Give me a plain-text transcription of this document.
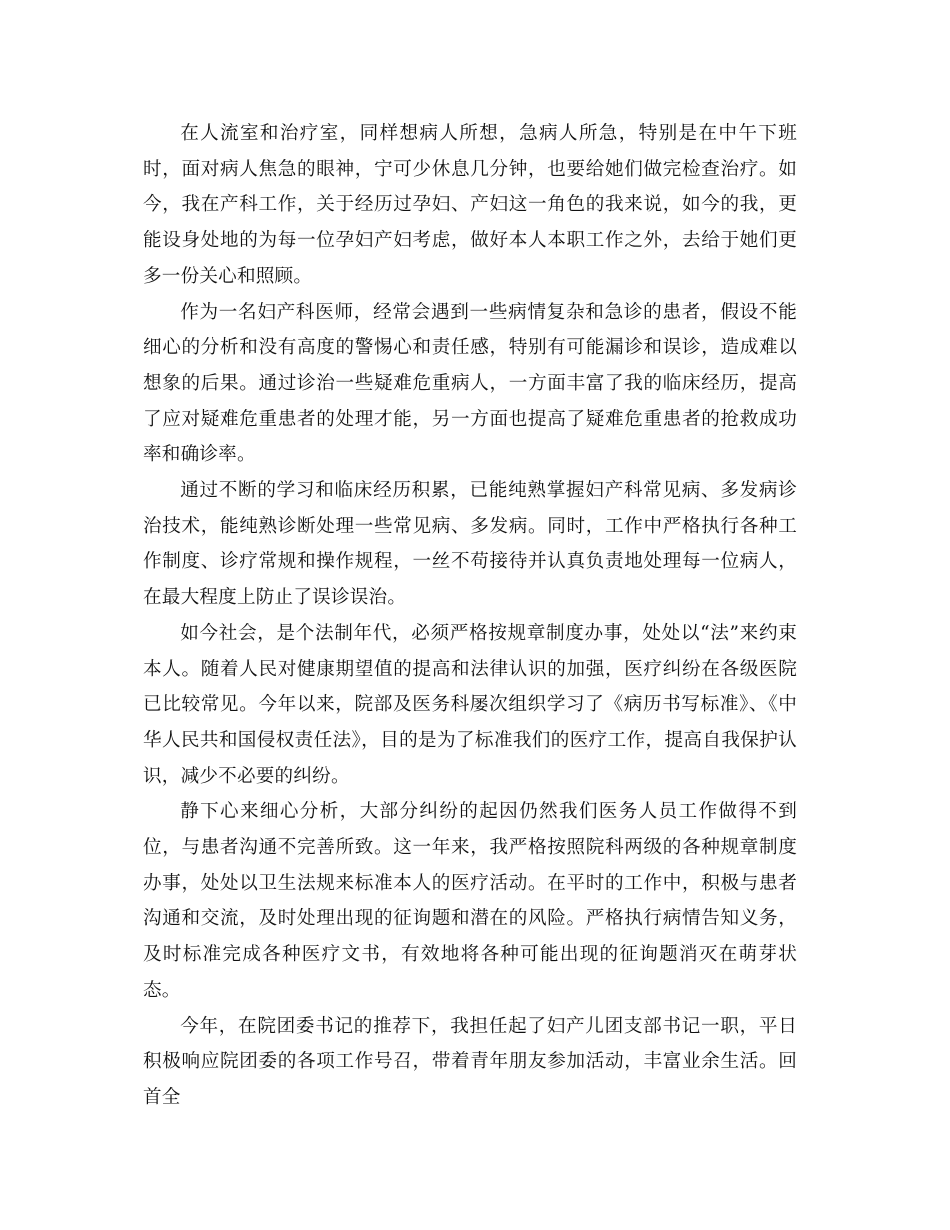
在人流室和治疗室，同样想病人所想，急病人所急，特别是在中午下班时，面对病人焦急的眼神，宁可少休息几分钟，也要给她们做完检查治疗。如今，我在产科工作，关于经历过孕妇、产妇这一角色的我来说，如今的我，更能设身处地的为每一位孕妇产妇考虑，做好本人本职工作之外，去给于她们更多一份关心和照顾。

作为一名妇产科医师，经常会遇到一些病情复杂和急诊的患者，假设不能细心的分析和没有高度的警惕心和责任感，特别有可能漏诊和误诊，造成难以想象的后果。通过诊治一些疑难危重病人，一方面丰富了我的临床经历，提高了应对疑难危重患者的处理才能，另一方面也提高了疑难危重患者的抢救成功率和确诊率。

通过不断的学习和临床经历积累，已能纯熟掌握妇产科常见病、多发病诊治技术，能纯熟诊断处理一些常见病、多发病。同时，工作中严格执行各种工作制度、诊疗常规和操作规程，一丝不苟接待并认真负责地处理每一位病人，在最大程度上防止了误诊误治。

如今社会，是个法制年代，必须严格按规章制度办事，处处以“法”来约束本人。随着人民对健康期望值的提高和法律认识的加强，医疗纠纷在各级医院已比较常见。今年以来，院部及医务科屡次组织学习了《病历书写标准》、《中华人民共和国侵权责任法》，目的是为了标准我们的医疗工作，提高自我保护认识，减少不必要的纠纷。

静下心来细心分析，大部分纠纷的起因仍然我们医务人员工作做得不到位，与患者沟通不完善所致。这一年来，我严格按照院科两级的各种规章制度办事，处处以卫生法规来标准本人的医疗活动。在平时的工作中，积极与患者沟通和交流，及时处理出现的征询题和潜在的风险。严格执行病情告知义务，及时标准完成各种医疗文书，有效地将各种可能出现的征询题消灭在萌芽状态。

今年，在院团委书记的推荐下，我担任起了妇产儿团支部书记一职，平日积极响应院团委的各项工作号召，带着青年朋友参加活动，丰富业余生活。回首全
